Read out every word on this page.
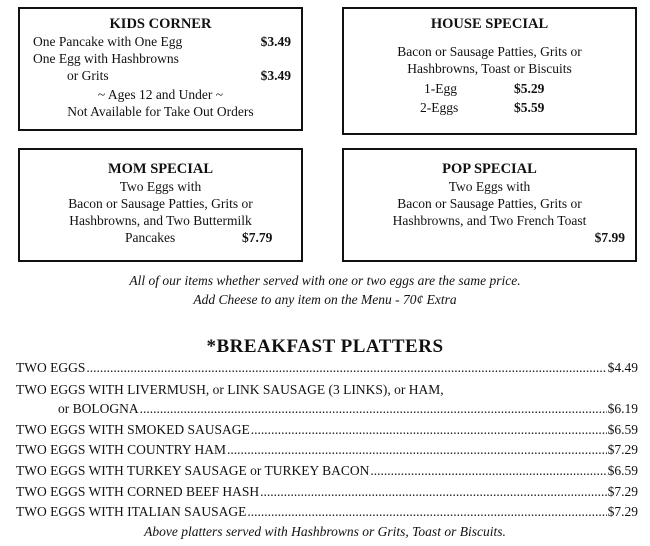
KIDS CORNER
One Pancake with One Egg	$3.49
One Egg with Hashbrowns
or Grits	$3.49
~ Ages 12 and Under ~
Not Available for Take Out Orders
HOUSE SPECIAL
Bacon or Sausage Patties, Grits or
Hashbrowns, Toast or Biscuits
1-Egg	$5.29
2-Eggs	$5.59
MOM SPECIAL
Two Eggs with
Bacon or Sausage Patties, Grits or
Hashbrowns, and Two Buttermilk
Pancakes	$7.79
POP SPECIAL
Two Eggs with
Bacon or Sausage Patties, Grits or
Hashbrowns, and Two French Toast
$7.99
All of our items whether served with one or two eggs are the same price.
Add Cheese to any item on the Menu - 70¢ Extra
*BREAKFAST PLATTERS
TWO EGGS .....	$4.49
TWO EGGS WITH LIVERMUSH, or LINK SAUSAGE (3 LINKS), or HAM,
or BOLOGNA .....	$6.19
TWO EGGS WITH SMOKED SAUSAGE .....	$6.59
TWO EGGS WITH COUNTRY HAM .....	$7.29
TWO EGGS WITH TURKEY SAUSAGE or TURKEY BACON .....	$6.59
TWO EGGS WITH CORNED BEEF HASH .....	$7.29
TWO EGGS WITH ITALIAN SAUSAGE .....	$7.29
Above platters served with Hashbrowns or Grits, Toast or Biscuits.
